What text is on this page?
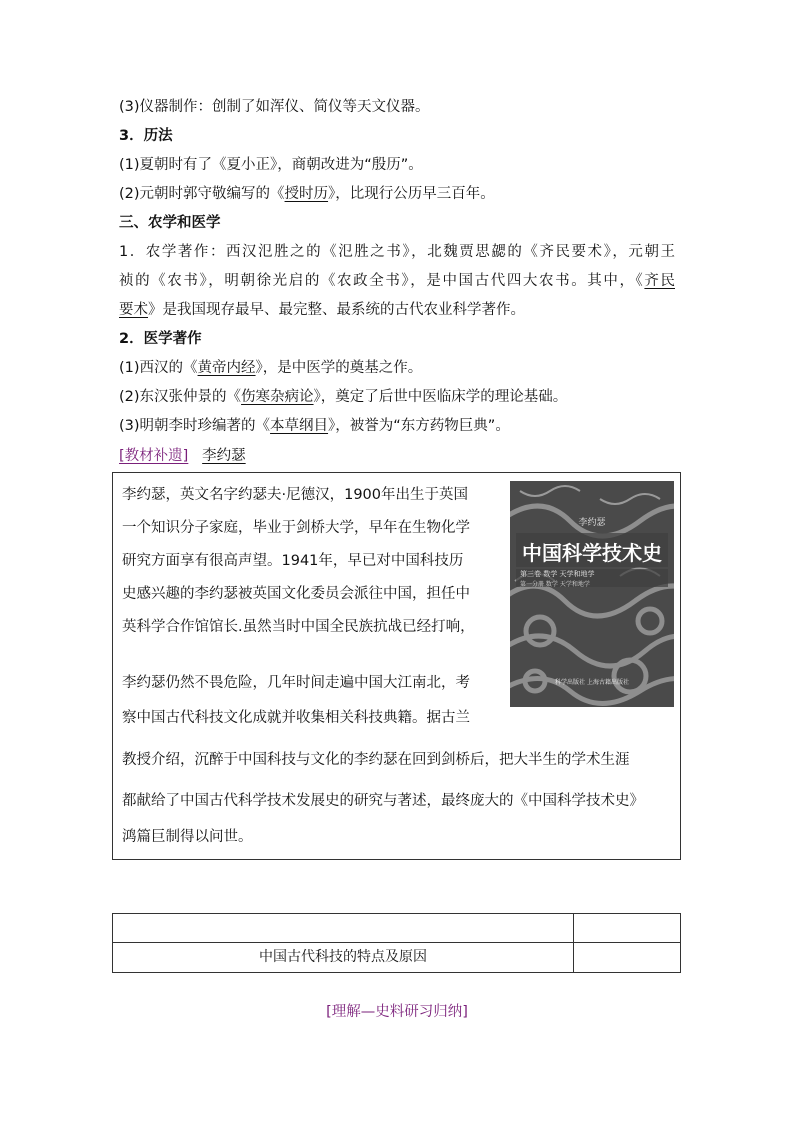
(3)仪器制作：创制了如浑仪、简仪等天文仪器。
3．历法
(1)夏朝时有了《夏小正》，商朝改进为“殷历”。
(2)元朝时郭守敬编写的《授时历》，比现行公历早三百年。
三、农学和医学
1．农学著作：西汉氾胜之的《氾胜之书》，北魏贾思勰的《齐民要术》，元朝王
祯的《农书》，明朝徐光启的《农政全书》，是中国古代四大农书。其中，《齐民
要术》是我国现存最早、最完整、最系统的古代农业科学著作。
2．医学著作
(1)西汉的《黄帝内经》，是中医学的奠基之作。
(2)东汉张仲景的《伤寒杂病论》，奠定了后世中医临床学的理论基础。
(3)明朝李时珍编著的《本草纲目》，被誉为“东方药物巨典”。
[教材补遗] 李约瑟
李约瑟，英文名字约瑟夫·尼德汉，1900年出生于英国
一个知识分子家庭，毕业于剑桥大学，早年在生物化学
研究方面享有很高声望。1941年，早已对中国科技历
史感兴趣的李约瑟被英国文化委员会派往中国，担任中
英科学合作馆馆长.虽然当时中国全民族抗战已经打响，
李约瑟仍然不畏危险，几年时间走遍中国大江南北，考
察中国古代科技文化成就并收集相关科技典籍。据古兰
教授介绍，沉醉于中国科技与文化的李约瑟在回到剑桥后，把大半生的学术生涯
都献给了中国古代科学技术发展史的研究与著述，最终庞大的《中国科学技术史》
鸿篇巨制得以问世。
李约瑟
中国科学技术史
第三卷 数学 天学和地学
第一分册 数学 天学和地学
科学出版社 上海古籍出版社
中国古代科技的特点及原因
[理解—史料研习归纳]
